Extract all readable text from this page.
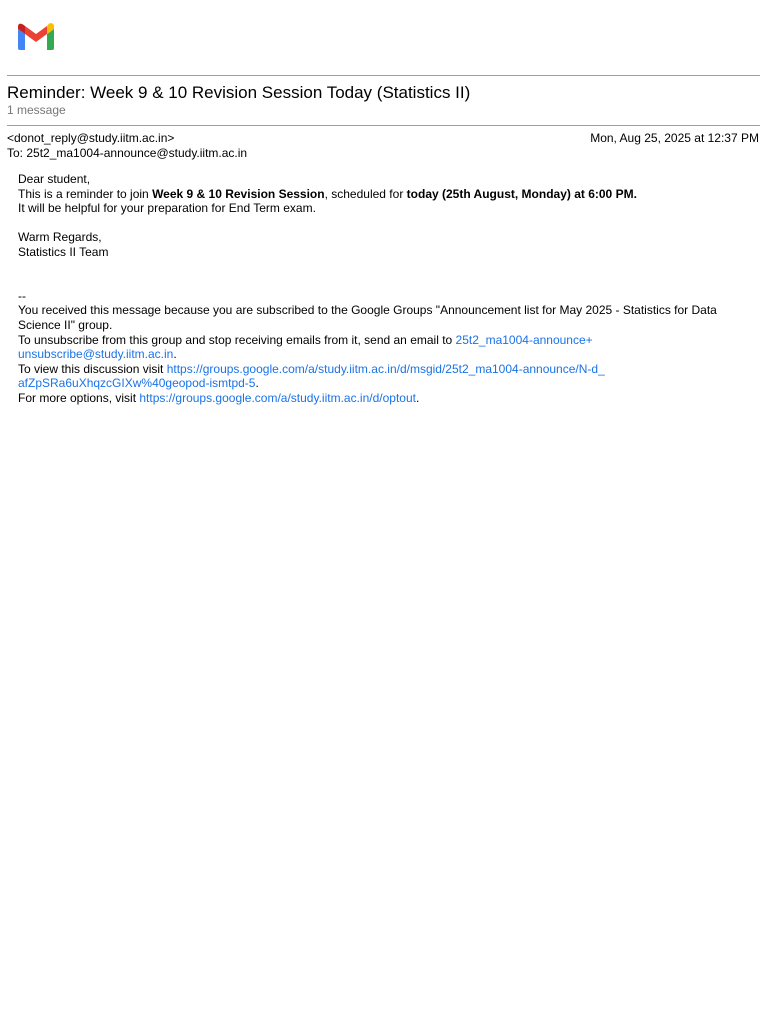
Reminder: Week 9 & 10 Revision Session Today (Statistics II)
1 message
<donot_reply@study.iitm.ac.in>	Mon, Aug 25, 2025 at 12:37 PM
To: 25t2_ma1004-announce@study.iitm.ac.in

Dear student,

This is a reminder to join Week 9 & 10 Revision Session, scheduled for today (25th August, Monday) at 6:00 PM.

It will be helpful for your preparation for End Term exam.

Warm Regards,

Statistics II Team

--

You received this message because you are subscribed to the Google Groups "Announcement list for May 2025 - Statistics for Data Science II" group.

To unsubscribe from this group and stop receiving emails from it, send an email to 25t2_ma1004-announce+
unsubscribe@study.iitm.ac.in.

To view this discussion visit https://groups.google.com/a/study.iitm.ac.in/d/msgid/25t2_ma1004-announce/N-d_
afZpSRa6uXhqzcGIXw%40geopod-ismtpd-5.

For more options, visit https://groups.google.com/a/study.iitm.ac.in/d/optout.
